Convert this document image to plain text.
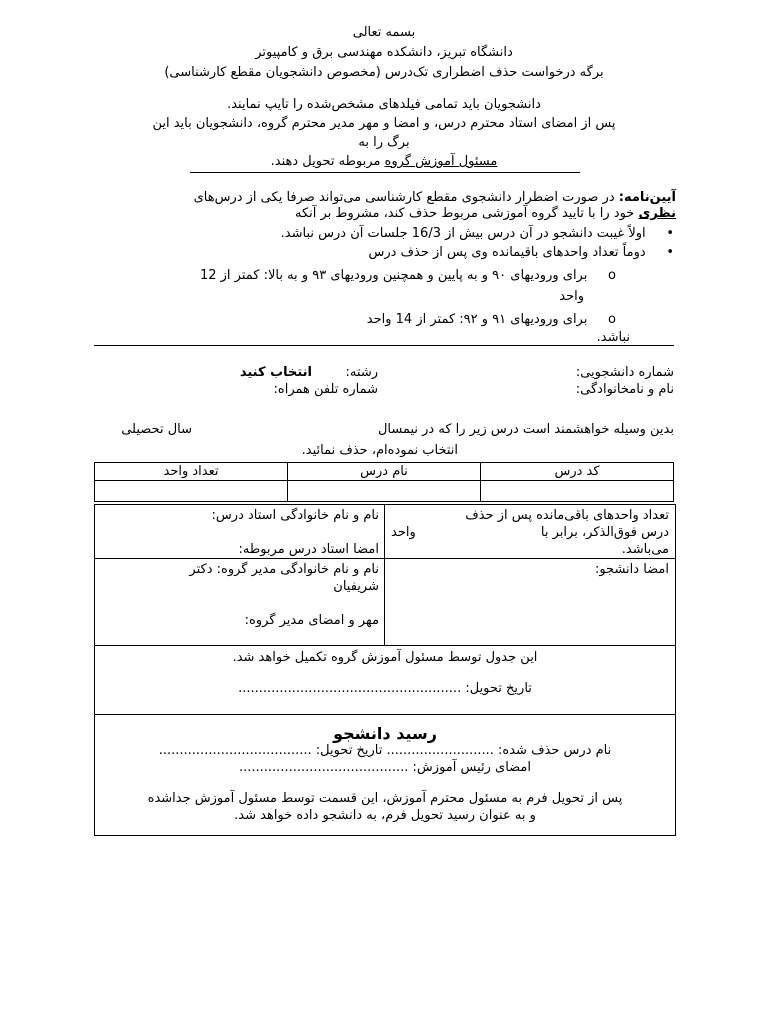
بسمه تعالی
دانشگاه تبریز، دانشکده مهندسی برق و کامپیوتر
برگه درخواست حذف اضطراری تک‌درس (مخصوص دانشجویان مقطع کارشناسی)
دانشجویان باید تمامی فیلدهای مشخص‌شده را تایپ نمایند.
پس از امضای استاد محترم درس، و امضا و مهر مدیر محترم گروه، دانشجویان باید این
برگ را به
مسئول آموزش گروه مربوطه تحویل دهند.
آیین‌نامه: در صورت اضطرار دانشجوی مقطع کارشناسی می‌تواند صرفا یکی از درس‌های
نظری خود را با تایید گروه آموزشی مربوط حذف کند، مشروط بر آنکه
•     اولاً غیبت دانشجو در آن درس بیش از 16/3 جلسات آن درس نباشد.
•     دوماً تعداد واحدهای باقیمانده وی پس از حذف درس
o     برای ورودیهای ۹۰ و به پایین و همچنین ورودیهای ۹۳ و به بالا: کمتر از 12
واحد
o     برای ورودیهای ۹۱ و ۹۲: کمتر از 14 واحد
نباشد.
شماره دانشجویی:
نام و نامخانوادگی:
رشته:
انتخاب کنید
شماره تلفن همراه:
بدین وسیله خواهشمند است درس زیر را که در نیمسال
سال تحصیلی
انتخاب نموده‌ام، حذف نمائید.
کد درس	نام درس	تعداد واحد

تعداد واحدهای باقی‌مانده پس از حذف
درس فوق‌الذکر، برابر با
واحد
می‌باشد.
نام و نام خانوادگی استاد درس:
امضا استاد درس مربوطه:
امضا دانشجو:
نام و نام خانوادگی مدیر گروه: دکتر
شریفیان
مهر و امضای مدیر گروه:
این جدول توسط مسئول آموزش گروه تکمیل خواهد شد.
تاریخ تحویل: ......................................................
رسید دانشجو
نام درس حذف شده: .......................... تاریخ تحویل: .....................................
امضای رئیس آموزش: .........................................
پس از تحویل فرم به مسئول محترم آموزش، این قسمت توسط مسئول آموزش جداشده
و به عنوان رسید تحویل فرم، به دانشجو داده خواهد شد.
